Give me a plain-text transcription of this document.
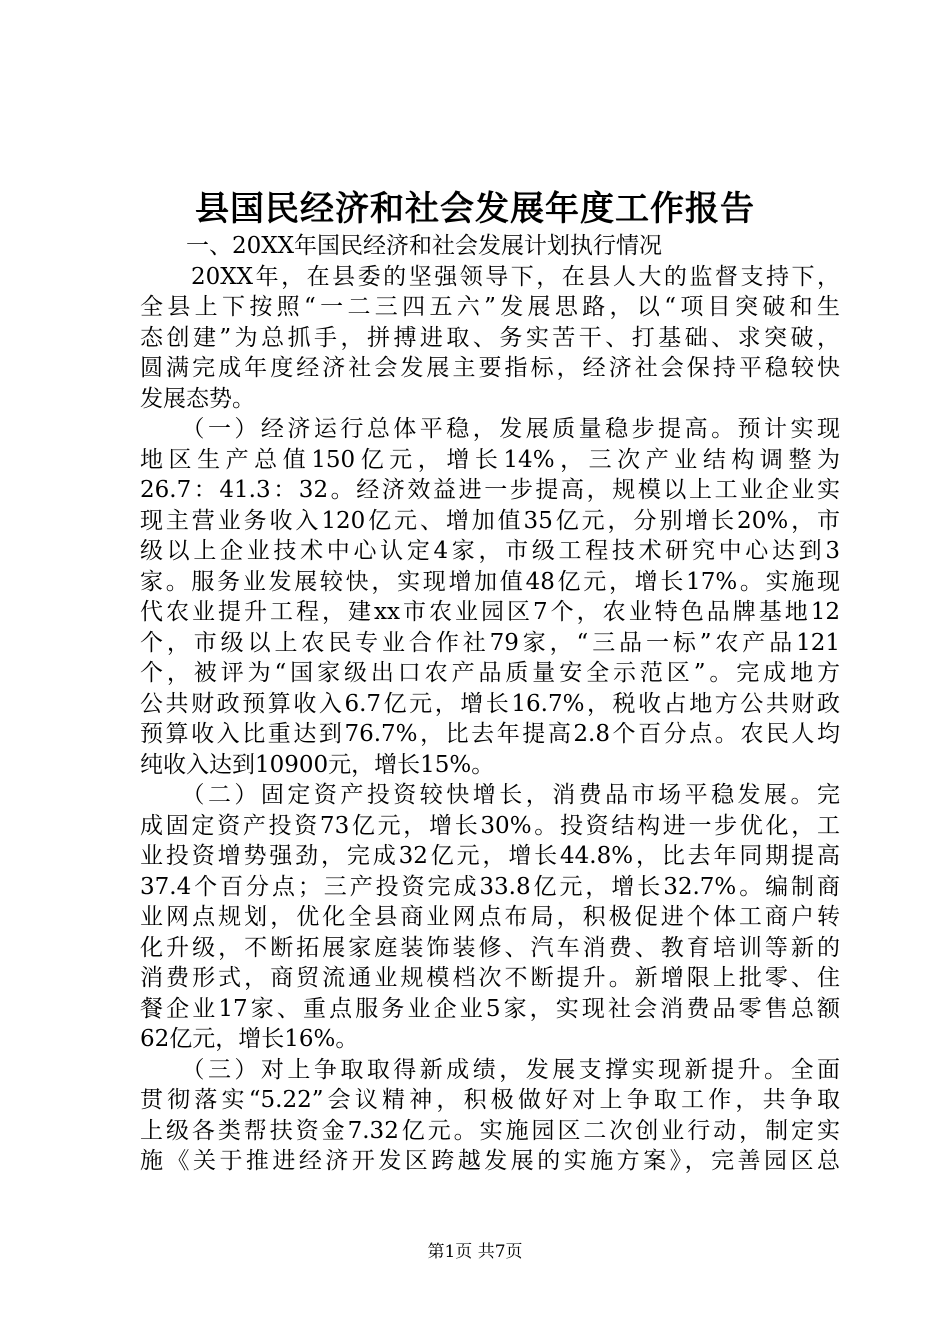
县国民经济和社会发展年度工作报告
　　一、20XX年国民经济和社会发展计划执行情况
　　20XX年，在县委的坚强领导下，在县人大的监督支持下，
全县上下按照“一二三四五六”发展思路，以“项目突破和生
态创建”为总抓手，拼搏进取、务实苦干、打基础、求突破，
圆满完成年度经济社会发展主要指标，经济社会保持平稳较快
发展态势。
　　（一）经济运行总体平稳，发展质量稳步提高。预计实现
地区生产总值150亿元，增长14%，三次产业结构调整为
26.7：41.3：32。经济效益进一步提高，规模以上工业企业实
现主营业务收入120亿元、增加值35亿元，分别增长20%，市
级以上企业技术中心认定4家，市级工程技术研究中心达到3
家。服务业发展较快，实现增加值48亿元，增长17%。实施现
代农业提升工程，建xx市农业园区7个，农业特色品牌基地12
个，市级以上农民专业合作社79家，“三品一标”农产品121
个，被评为“国家级出口农产品质量安全示范区”。完成地方
公共财政预算收入6.7亿元，增长16.7%，税收占地方公共财政
预算收入比重达到76.7%，比去年提高2.8个百分点。农民人均
纯收入达到10900元，增长15%。
　　（二）固定资产投资较快增长，消费品市场平稳发展。完
成固定资产投资73亿元，增长30%。投资结构进一步优化，工
业投资增势强劲，完成32亿元，增长44.8%，比去年同期提高
37.4个百分点；三产投资完成33.8亿元，增长32.7%。编制商
业网点规划，优化全县商业网点布局，积极促进个体工商户转
化升级，不断拓展家庭装饰装修、汽车消费、教育培训等新的
消费形式，商贸流通业规模档次不断提升。新增限上批零、住
餐企业17家、重点服务业企业5家，实现社会消费品零售总额
62亿元，增长16%。
　　（三）对上争取取得新成绩，发展支撑实现新提升。全面
贯彻落实“5.22”会议精神，积极做好对上争取工作，共争取
上级各类帮扶资金7.32亿元。实施园区二次创业行动，制定实
施《关于推进经济开发区跨越发展的实施方案》，完善园区总
第1页 共7页
